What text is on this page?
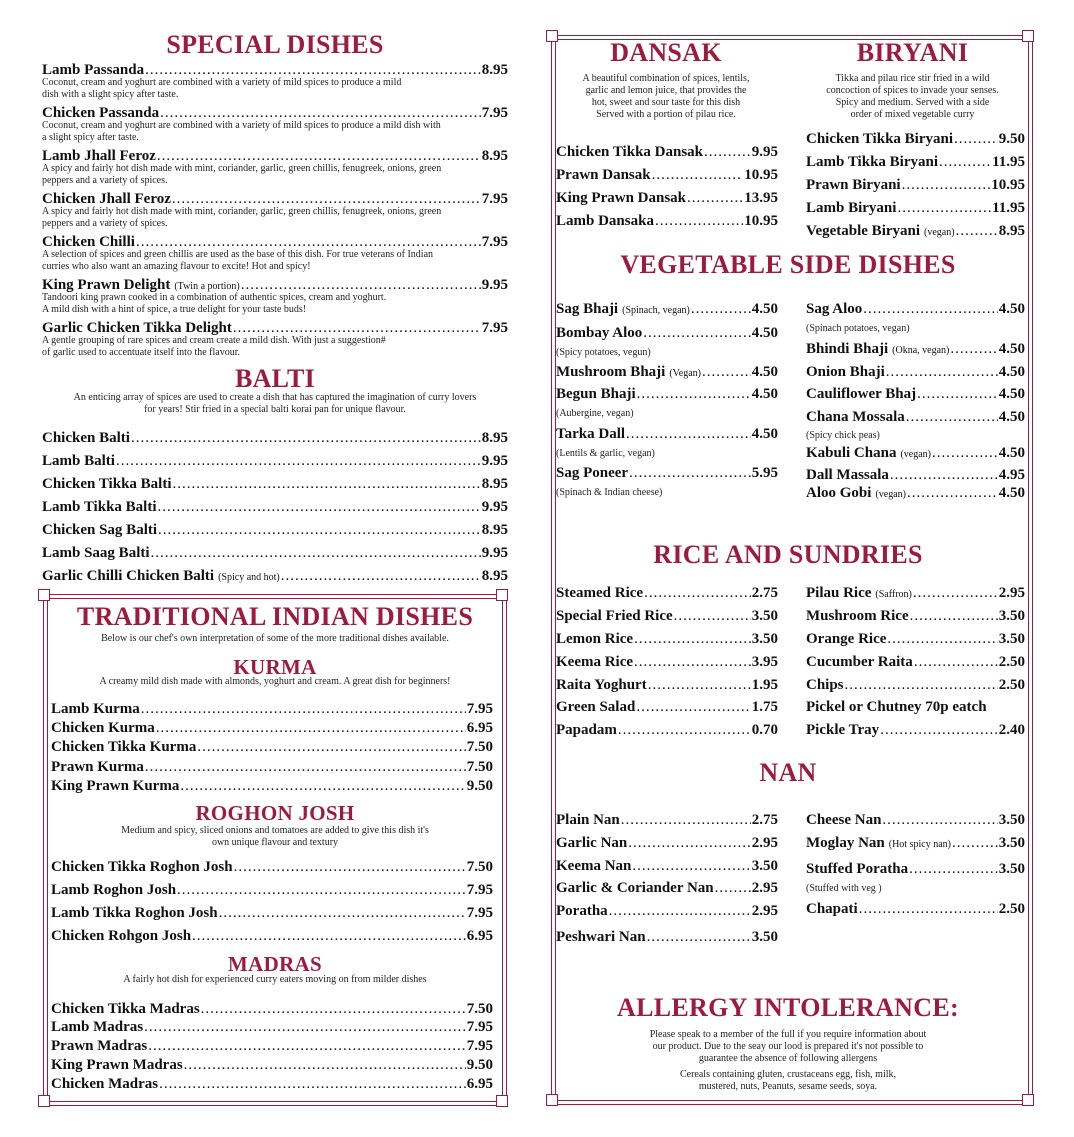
SPECIAL DISHES
Lamb Passanda .....	8.95
Coconut, cream and yoghurt are combined with a variety of mild spices to produce a mild
dish with a slight spicy after taste.
Chicken Passanda .....	7.95
Coconut, cream and yoghurt are combined with a variety of mild spices to produce a mild dish with
a slight spicy after taste.
Lamb Jhall Feroz .....	8.95
A spicy and fairly hot dish made with mint, coriander, garlic, green chillis, fenugreek, onions, green
peppers and a variety of spices.
Chicken Jhall Feroz .....	7.95
A spicy and fairly hot dish made with mint, coriander, garlic, green chillis, fenugreek, onions, green
peppers and a variety of spices.
Chicken Chilli .....	7.95
A selection of spices and green chillis are used as the base of this dish. For true veterans of Indian
curries who also want an amazing flavour to excite! Hot and spicy!
King Prawn Delight (Twin a portion) .....	9.95
Tandoori king prawn cooked in a combination of authentic spices, cream and yoghurt.
A mild dish with a hint of spice, a true delight for your taste buds!
Garlic Chicken Tikka Delight .....	7.95
A gentle grouping of rare spices and cream create a mild dish. With just a suggestion#
of garlic used to accentuate itself into the flavour.
BALTI
An enticing array of spices are used to create a dish that has captured the imagination of curry lovers
for years! Stir fried in a special balti korai pan for unique flavour.
Chicken Balti .....	8.95
Lamb Balti .....	9.95
Chicken Tikka Balti .....	8.95
Lamb Tikka Balti .....	9.95
Chicken Sag Balti .....	8.95
Lamb Saag Balti .....	9.95
Garlic Chilli Chicken Balti (Spicy and hot) .....	8.95
TRADITIONAL INDIAN DISHES
Below is our chef's own interpretation of some of the more traditional dishes available.
KURMA
A creamy mild dish made with almonds, yoghurt and cream. A great dish for beginners!
Lamb Kurma .....	7.95
Chicken Kurma .....	6.95
Chicken Tikka Kurma .....	7.50
Prawn Kurma .....	7.50
King Prawn Kurma .....	9.50
ROGHON JOSH
Medium and spicy, sliced onions and tomatoes are added to give this dish it's
own unique flavour and textury
Chicken Tikka Roghon Josh .....	7.50
Lamb Roghon Josh .....	7.95
Lamb Tikka Roghon Josh .....	7.95
Chicken Rohgon Josh .....	6.95
MADRAS
A fairly hot dish for experienced curry eaters moving on from milder dishes
Chicken Tikka Madras .....	7.50
Lamb Madras .....	7.95
Prawn Madras .....	7.95
King Prawn Madras .....	9.50
Chicken Madras .....	6.95
DANSAK
A beautiful combination of spices, lentils,
garlic and lemon juice, that provides the
hot, sweet and sour taste for this dish
Served with a portion of pilau rice.
Chicken Tikka Dansak .....	9.95
Prawn Dansak .....	10.95
King Prawn Dansak .....	13.95
Lamb Dansaka .....	10.95
BIRYANI
Tikka and pilau rice stir fried in a wild
concoction of spices to invade your senses.
Spicy and medium. Served with a side
order of mixed vegetable curry
Chicken Tikka Biryani .....	9.50
Lamb Tikka Biryani .....	11.95
Prawn Biryani .....	10.95
Lamb Biryani .....	11.95
Vegetable Biryani (vegan) .....	8.95
VEGETABLE SIDE DISHES
Sag Bhaji (Spinach, vegan) .....	4.50
Bombay Aloo .....	4.50
(Spicy potatoes, vegun)
Mushroom Bhaji (Vegan) .....	4.50
Begun Bhaji .....	4.50
(Aubergine, vegan)
Tarka Dall .....	4.50
(Lentils & garlic, vegan)
Sag Poneer .....	5.95
(Spinach & Indian cheese)
Sag Aloo .....	4.50
(Spinach potatoes, vegan)
Bhindi Bhaji (Okna, vegan) .....	4.50
Onion Bhaji .....	4.50
Cauliflower Bhaj .....	4.50
Chana Mossala .....	4.50
(Spicy chick peas)
Kabuli Chana (vegan) .....	4.50
Dall Massala .....	4.95
Aloo Gobi (vegan) .....	4.50
RICE AND SUNDRIES
Steamed Rice .....	2.75
Special Fried Rice .....	3.50
Lemon Rice .....	3.50
Keema Rice .....	3.95
Raita Yoghurt .....	1.95
Green Salad .....	1.75
Papadam .....	0.70
Pilau Rice (Saffron) .....	2.95
Mushroom Rice .....	3.50
Orange Rice .....	3.50
Cucumber Raita .....	2.50
Chips .....	2.50
Pickel or Chutney 70p eatch
Pickle Tray .....	2.40
NAN
Plain Nan .....	2.75
Garlic Nan .....	2.95
Keema Nan .....	3.50
Garlic & Coriander Nan .....	2.95
Poratha .....	2.95
Peshwari Nan .....	3.50
Cheese Nan .....	3.50
Moglay Nan (Hot spicy nan) .....	3.50
Stuffed Poratha .....	3.50
(Stuffed with veg )
Chapati .....	2.50
ALLERGY INTOLERANCE:
Please speak to a member of the full if you require information about
our product. Due to the seay our lood is prepared it's not possible to
guarantee the absence of following allergens
Cereals containing gluten, crustaceans egg, fish, milk,
mustered, nuts, Peanuts, sesame seeds, soya.
